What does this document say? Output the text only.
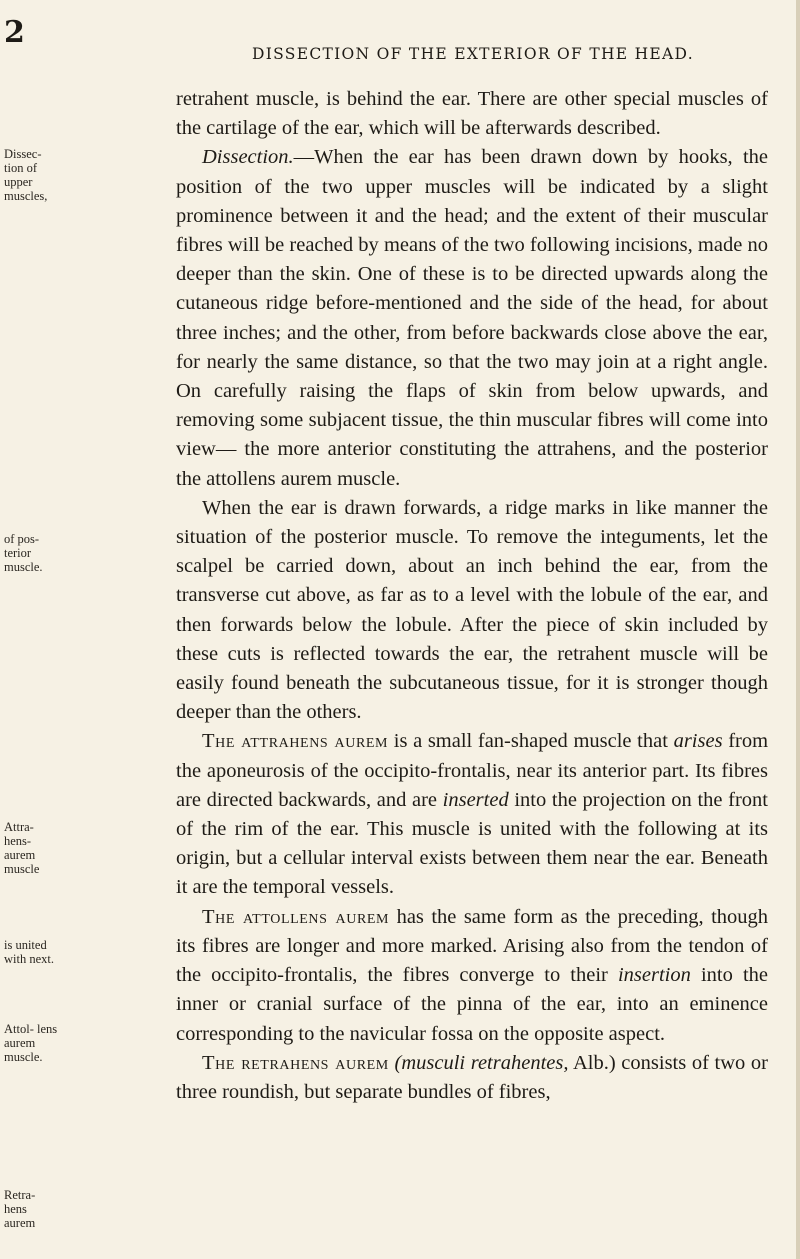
2
DISSECTION OF THE EXTERIOR OF THE HEAD.
Dissec- tion of upper muscles,
of pos- terior muscle.
Attra- hens- aurem muscle
is united with next.
Attol- lens aurem muscle.
Retra- hens aurem

retrahent muscle, is behind the ear. There are other special muscles of the cartilage of the ear, which will be afterwards described.

Dissection.—When the ear has been drawn down by hooks, the position of the two upper muscles will be indicated by a slight prominence between it and the head; and the extent of their muscular fibres will be reached by means of the two following incisions, made no deeper than the skin. One of these is to be directed upwards along the cutaneous ridge before-mentioned and the side of the head, for about three inches; and the other, from before backwards close above the ear, for nearly the same distance, so that the two may join at a right angle. On carefully raising the flaps of skin from below upwards, and removing some subjacent tissue, the thin muscular fibres will come into view— the more anterior constituting the attrahens, and the posterior the attollens aurem muscle.

When the ear is drawn forwards, a ridge marks in like manner the situation of the posterior muscle. To remove the integuments, let the scalpel be carried down, about an inch behind the ear, from the transverse cut above, as far as to a level with the lobule of the ear, and then forwards below the lobule. After the piece of skin included by these cuts is reflected towards the ear, the retrahent muscle will be easily found beneath the subcutaneous tissue, for it is stronger though deeper than the others.

The attrahens aurem is a small fan-shaped muscle that arises from the aponeurosis of the occipito-frontalis, near its anterior part. Its fibres are directed backwards, and are inserted into the projection on the front of the rim of the ear. This muscle is united with the following at its origin, but a cellular interval exists between them near the ear. Beneath it are the temporal vessels.

The attollens aurem has the same form as the preceding, though its fibres are longer and more marked. Arising also from the tendon of the occipito-frontalis, the fibres converge to their insertion into the inner or cranial surface of the pinna of the ear, into an eminence corresponding to the navicular fossa on the opposite aspect.

The retrahens aurem (musculi retrahentes, Alb.) consists of two or three roundish, but separate bundles of fibres,
